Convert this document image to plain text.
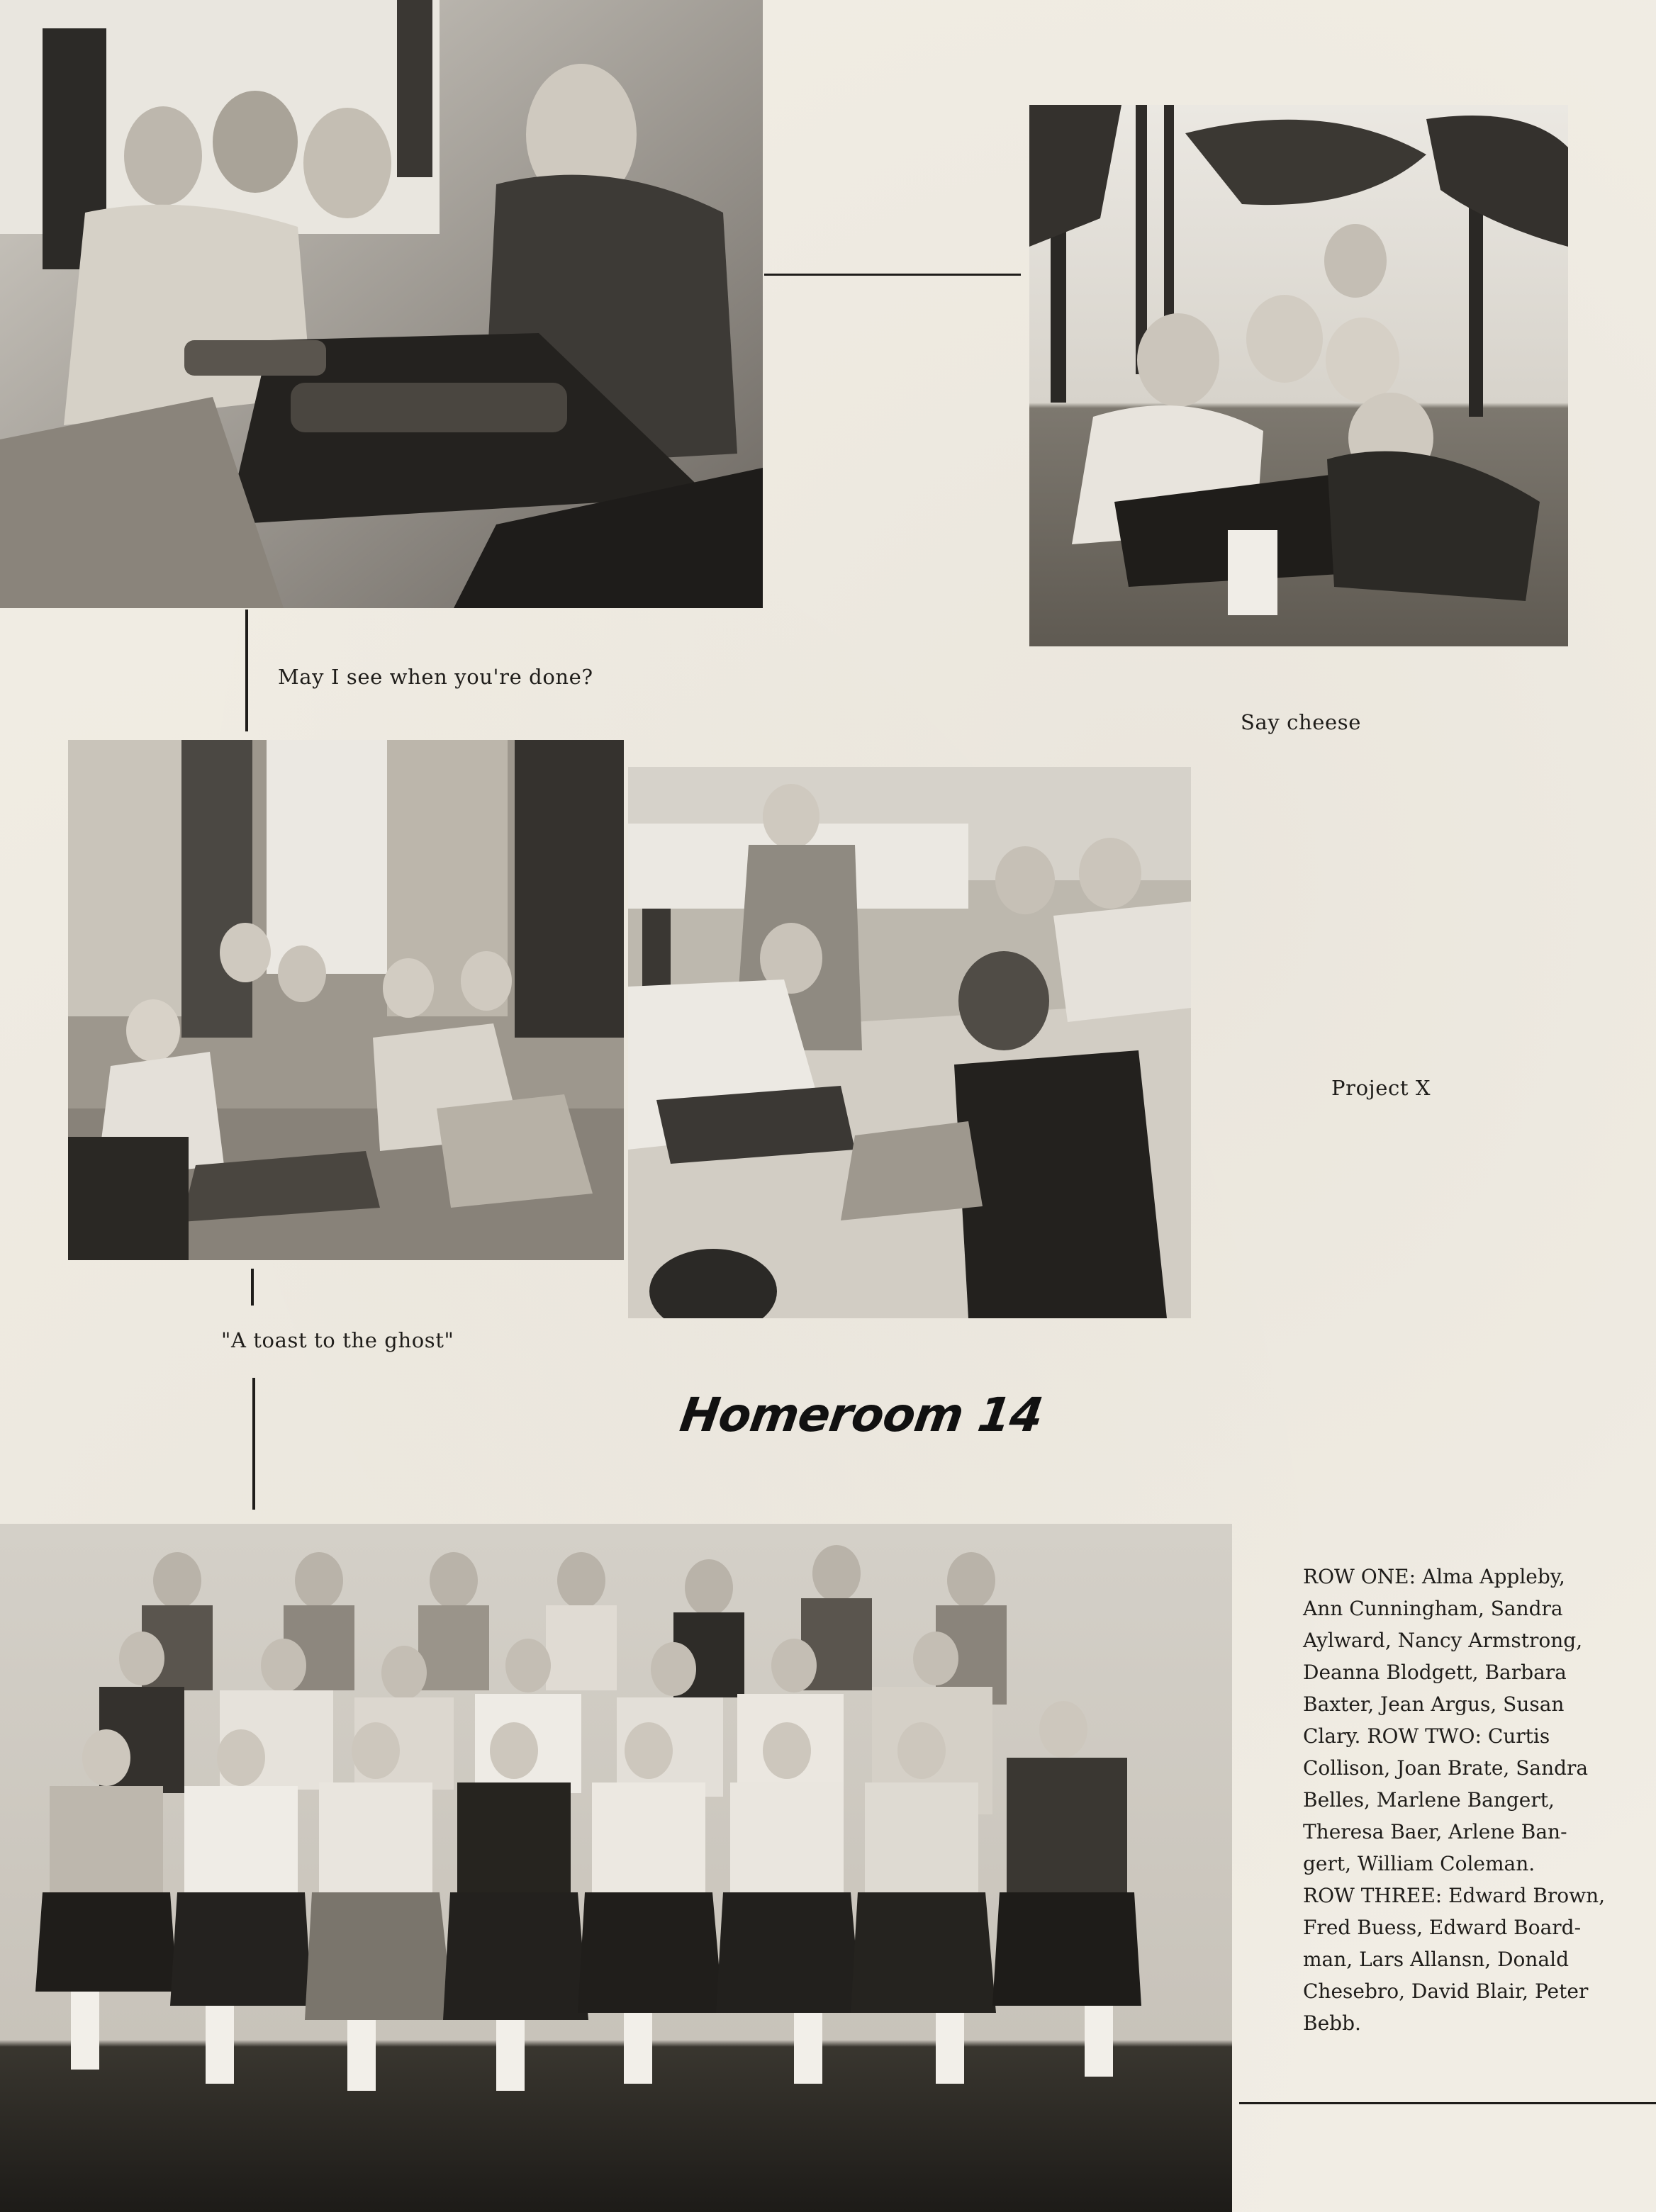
May I see when you're done?
Say cheese
"A toast to the ghost"
Project X
Homeroom 14
ROW ONE: Alma Appleby,
Ann Cunningham, Sandra
Aylward, Nancy Armstrong,
Deanna Blodgett, Barbara
Baxter, Jean Argus, Susan
Clary. ROW TWO: Curtis
Collison, Joan Brate, Sandra
Belles, Marlene Bangert,
Theresa Baer, Arlene Ban-
gert, William Coleman.
ROW THREE: Edward Brown,
Fred Buess, Edward Board-
man, Lars Allansn, Donald
Chesebro, David Blair, Peter
Bebb.
